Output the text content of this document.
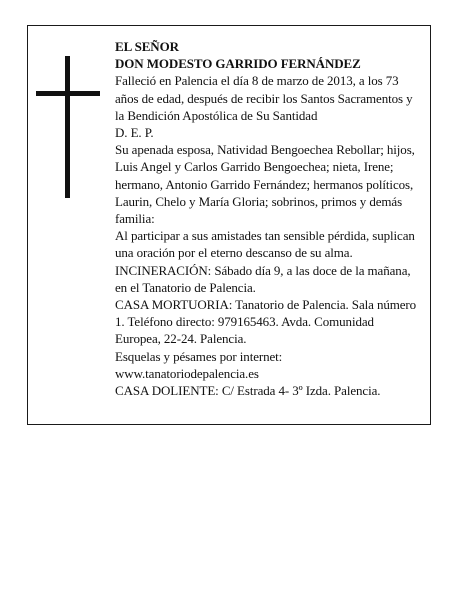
EL SEÑOR

DON MODESTO GARRIDO FERNÁNDEZ

Falleció en Palencia el día 8 de marzo de 2013, a los 73 años de edad, después de recibir los Santos Sacramentos y la Bendición Apostólica de Su Santidad

D. E. P.

Su apenada esposa, Natividad Bengoechea Rebollar; hijos, Luis Angel y Carlos Garrido Bengoechea; nieta, Irene; hermano, Antonio Garrido Fernández; hermanos políticos, Laurin, Chelo y María Gloria; sobrinos, primos y demás familia:

Al participar a sus amistades tan sensible pérdida, suplican una oración por el eterno descanso de su alma.

INCINERACIÓN: Sábado día 9, a las doce de la mañana, en el Tanatorio de Palencia.

CASA MORTUORIA: Tanatorio de Palencia. Sala número 1. Teléfono directo: 979165463. Avda. Comunidad Europea, 22-24. Palencia.

Esquelas y pésames por internet:

www.tanatoriodepalencia.es

CASA DOLIENTE: C/ Estrada 4- 3º Izda. Palencia.
